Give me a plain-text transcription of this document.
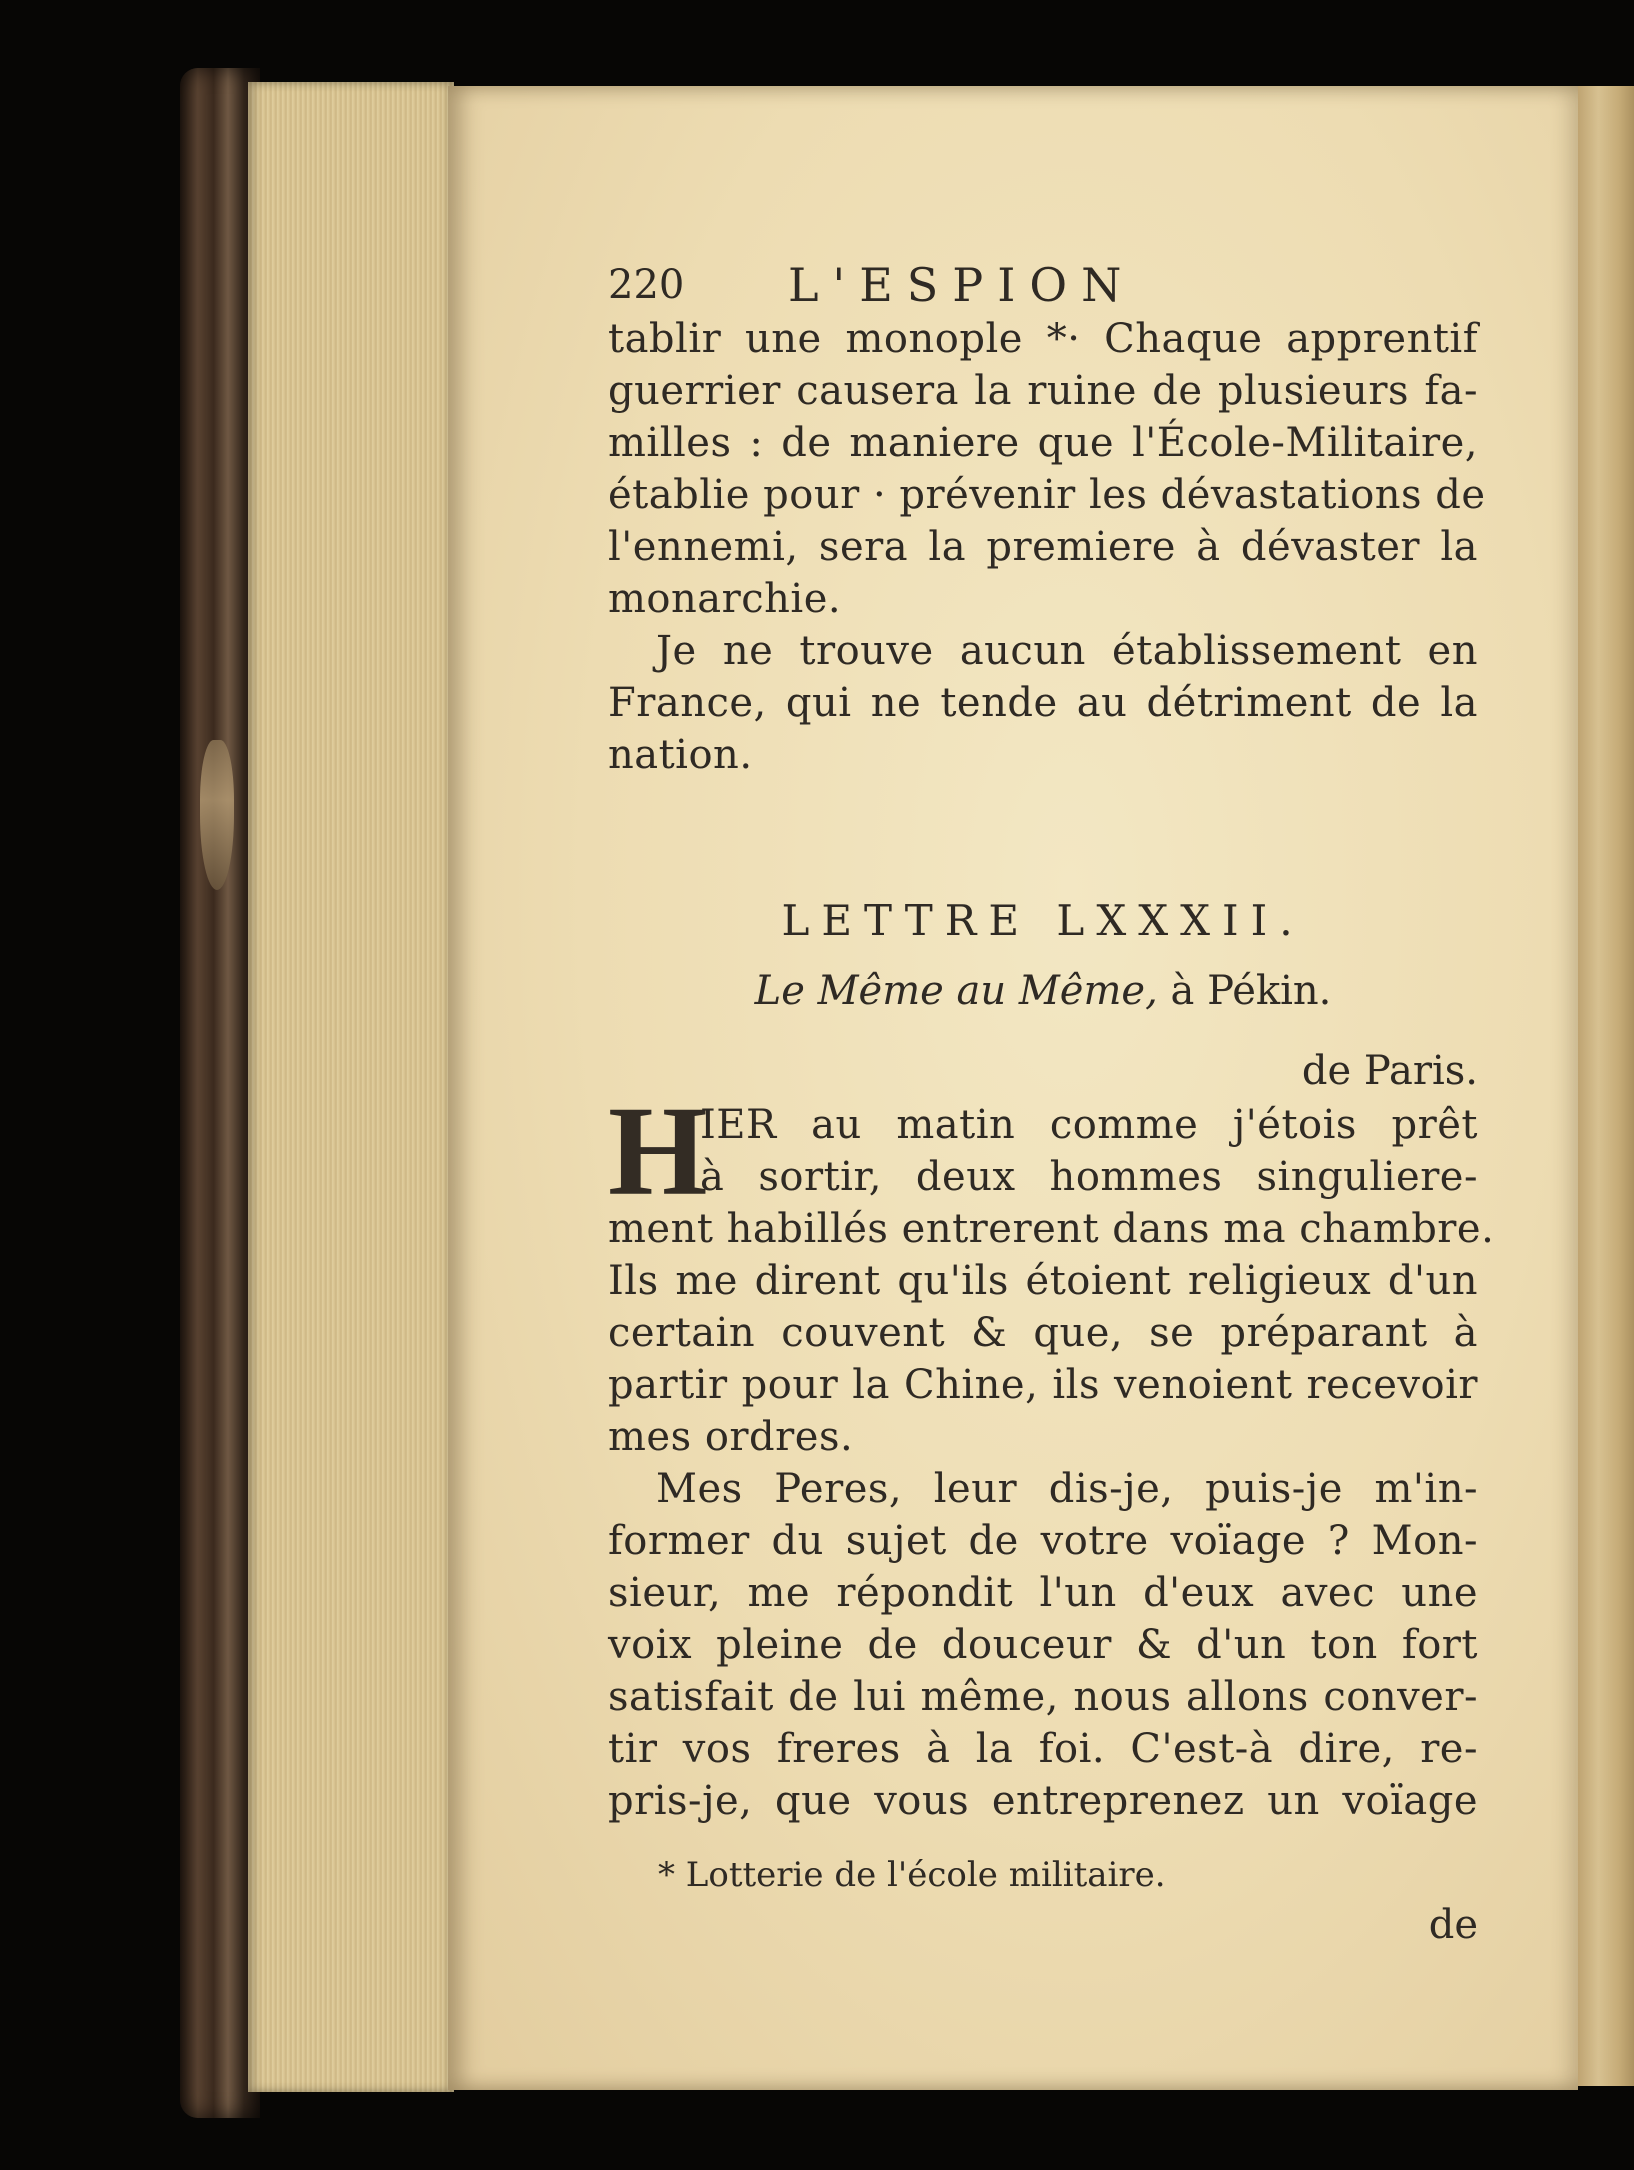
220 L'ESPION
tablir une monople *· Chaque apprentif
guerrier causera la ruine de plusieurs fa-
milles : de maniere que l'École-Militaire,
établie pour · prévenir les dévastations de
l'ennemi, sera la premiere à dévaster la
monarchie.
Je ne trouve aucun établissement en
France, qui ne tende au détriment de la
nation.
LETTRE LXXXII.
Le Même au Même, à Pékin.
de Paris.
H
IER au matin comme j'étois prêt
à sortir, deux hommes singuliere-
ment habillés entrerent dans ma chambre.
Ils me dirent qu'ils étoient religieux d'un
certain couvent & que, se préparant à
partir pour la Chine, ils venoient recevoir
mes ordres.
Mes Peres, leur dis-je, puis-je m'in-
former du sujet de votre voïage ? Mon-
sieur, me répondit l'un d'eux avec une
voix pleine de douceur & d'un ton fort
satisfait de lui même, nous allons conver-
tir vos freres à la foi. C'est-à dire, re-
pris-je, que vous entreprenez un voïage
* Lotterie de l'école militaire.
de
